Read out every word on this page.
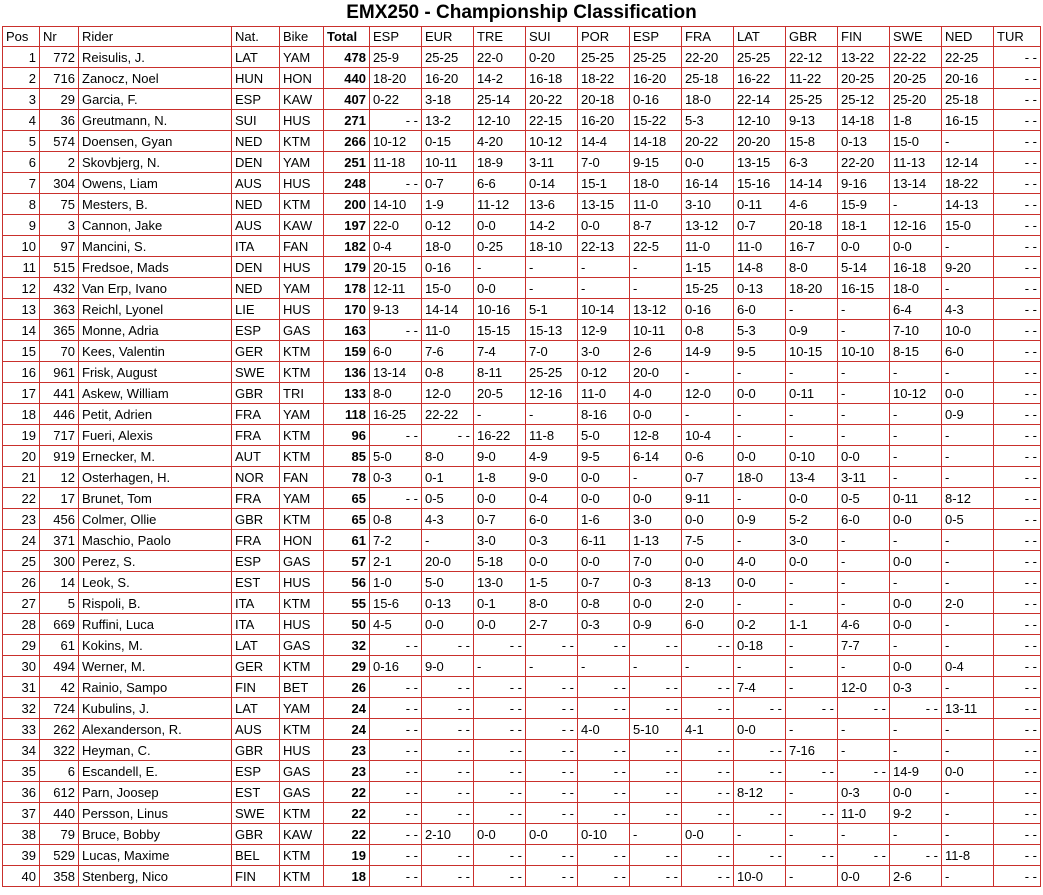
EMX250 - Championship Classification
Pos	Nr	Rider	Nat.	Bike	Total	ESP	EUR	TRE	SUI	POR	ESP	FRA	LAT	GBR	FIN	SWE	NED	TUR
1	772	Reisulis, J.	LAT	YAM	478	25-9	25-25	22-0	0-20	25-25	25-25	22-20	25-25	22-12	13-22	22-22	22-25	- -
2	716	Zanocz, Noel	HUN	HON	440	18-20	16-20	14-2	16-18	18-22	16-20	25-18	16-22	11-22	20-25	20-25	20-16	- -
3	29	Garcia, F.	ESP	KAW	407	0-22	3-18	25-14	20-22	20-18	0-16	18-0	22-14	25-25	25-12	25-20	25-18	- -
4	36	Greutmann, N.	SUI	HUS	271	- -	13-2	12-10	22-15	16-20	15-22	5-3	12-10	9-13	14-18	1-8	16-15	- -
5	574	Doensen, Gyan	NED	KTM	266	10-12	0-15	4-20	10-12	14-4	14-18	20-22	20-20	15-8	0-13	15-0	-	- -
6	2	Skovbjerg, N.	DEN	YAM	251	11-18	10-11	18-9	3-11	7-0	9-15	0-0	13-15	6-3	22-20	11-13	12-14	- -
7	304	Owens, Liam	AUS	HUS	248	- -	0-7	6-6	0-14	15-1	18-0	16-14	15-16	14-14	9-16	13-14	18-22	- -
8	75	Mesters, B.	NED	KTM	200	14-10	1-9	11-12	13-6	13-15	11-0	3-10	0-11	4-6	15-9	-	14-13	- -
9	3	Cannon, Jake	AUS	KAW	197	22-0	0-12	0-0	14-2	0-0	8-7	13-12	0-7	20-18	18-1	12-16	15-0	- -
10	97	Mancini, S.	ITA	FAN	182	0-4	18-0	0-25	18-10	22-13	22-5	11-0	11-0	16-7	0-0	0-0	-	- -
11	515	Fredsoe, Mads	DEN	HUS	179	20-15	0-16	-	-	-	-	1-15	14-8	8-0	5-14	16-18	9-20	- -
12	432	Van Erp, Ivano	NED	YAM	178	12-11	15-0	0-0	-	-	-	15-25	0-13	18-20	16-15	18-0	-	- -
13	363	Reichl, Lyonel	LIE	HUS	170	9-13	14-14	10-16	5-1	10-14	13-12	0-16	6-0	-	-	6-4	4-3	- -
14	365	Monne, Adria	ESP	GAS	163	- -	11-0	15-15	15-13	12-9	10-11	0-8	5-3	0-9	-	7-10	10-0	- -
15	70	Kees, Valentin	GER	KTM	159	6-0	7-6	7-4	7-0	3-0	2-6	14-9	9-5	10-15	10-10	8-15	6-0	- -
16	961	Frisk, August	SWE	KTM	136	13-14	0-8	8-11	25-25	0-12	20-0	-	-	-	-	-	-	- -
17	441	Askew, William	GBR	TRI	133	8-0	12-0	20-5	12-16	11-0	4-0	12-0	0-0	0-11	-	10-12	0-0	- -
18	446	Petit, Adrien	FRA	YAM	118	16-25	22-22	-	-	8-16	0-0	-	-	-	-	-	0-9	- -
19	717	Fueri, Alexis	FRA	KTM	96	- -	- -	16-22	11-8	5-0	12-8	10-4	-	-	-	-	-	- -
20	919	Ernecker, M.	AUT	KTM	85	5-0	8-0	9-0	4-9	9-5	6-14	0-6	0-0	0-10	0-0	-	-	- -
21	12	Osterhagen, H.	NOR	FAN	78	0-3	0-1	1-8	9-0	0-0	-	0-7	18-0	13-4	3-11	-	-	- -
22	17	Brunet, Tom	FRA	YAM	65	- -	0-5	0-0	0-4	0-0	0-0	9-11	-	0-0	0-5	0-11	8-12	- -
23	456	Colmer, Ollie	GBR	KTM	65	0-8	4-3	0-7	6-0	1-6	3-0	0-0	0-9	5-2	6-0	0-0	0-5	- -
24	371	Maschio, Paolo	FRA	HON	61	7-2	-	3-0	0-3	6-11	1-13	7-5	-	3-0	-	-	-	- -
25	300	Perez, S.	ESP	GAS	57	2-1	20-0	5-18	0-0	0-0	7-0	0-0	4-0	0-0	-	0-0	-	- -
26	14	Leok, S.	EST	HUS	56	1-0	5-0	13-0	1-5	0-7	0-3	8-13	0-0	-	-	-	-	- -
27	5	Rispoli, B.	ITA	KTM	55	15-6	0-13	0-1	8-0	0-8	0-0	2-0	-	-	-	0-0	2-0	- -
28	669	Ruffini, Luca	ITA	HUS	50	4-5	0-0	0-0	2-7	0-3	0-9	6-0	0-2	1-1	4-6	0-0	-	- -
29	61	Kokins, M.	LAT	GAS	32	- -	- -	- -	- -	- -	- -	- -	0-18	-	7-7	-	-	- -
30	494	Werner, M.	GER	KTM	29	0-16	9-0	-	-	-	-	-	-	-	-	0-0	0-4	- -
31	42	Rainio, Sampo	FIN	BET	26	- -	- -	- -	- -	- -	- -	- -	7-4	-	12-0	0-3	-	- -
32	724	Kubulins, J.	LAT	YAM	24	- -	- -	- -	- -	- -	- -	- -	- -	- -	- -	- -	13-11	- -
33	262	Alexanderson, R.	AUS	KTM	24	- -	- -	- -	- -	4-0	5-10	4-1	0-0	-	-	-	-	- -
34	322	Heyman, C.	GBR	HUS	23	- -	- -	- -	- -	- -	- -	- -	- -	7-16	-	-	-	- -
35	6	Escandell, E.	ESP	GAS	23	- -	- -	- -	- -	- -	- -	- -	- -	- -	- -	14-9	0-0	- -
36	612	Parn, Joosep	EST	GAS	22	- -	- -	- -	- -	- -	- -	- -	8-12	-	0-3	0-0	-	- -
37	440	Persson, Linus	SWE	KTM	22	- -	- -	- -	- -	- -	- -	- -	- -	- -	11-0	9-2	-	- -
38	79	Bruce, Bobby	GBR	KAW	22	- -	2-10	0-0	0-0	0-10	-	0-0	-	-	-	-	-	- -
39	529	Lucas, Maxime	BEL	KTM	19	- -	- -	- -	- -	- -	- -	- -	- -	- -	- -	- -	11-8	- -
40	358	Stenberg, Nico	FIN	KTM	18	- -	- -	- -	- -	- -	- -	- -	10-0	-	0-0	2-6	-	- -
